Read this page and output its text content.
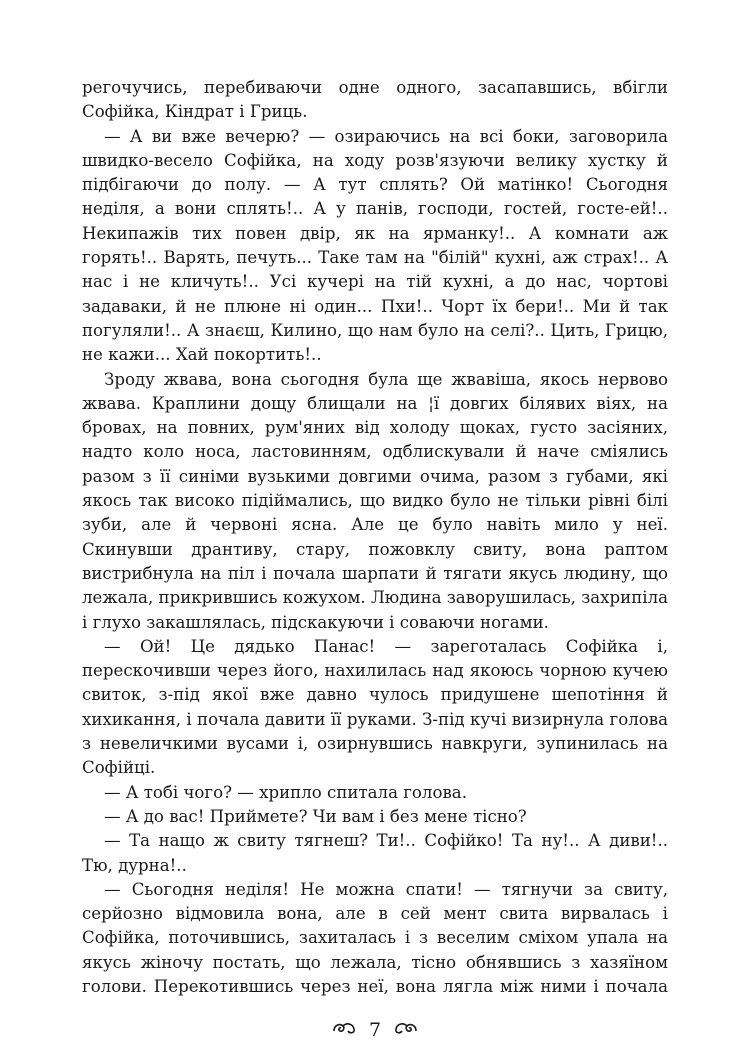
регочучись, перебиваючи одне одного, засапавшись, вбігли Софійка, Кіндрат і Гриць.

— А ви вже вечерю? — озираючись на всі боки, заговорила швидко-весело Софійка, на ходу розв'язуючи велику хустку й підбігаючи до полу. — А тут сплять? Ой матінко! Сьогодня неділя, а вони сплять!.. А у панів, господи, гостей, госте-ей!.. Некипажів тих повен двір, як на ярманку!.. А комнати аж горять!.. Варять, печуть... Таке там на "білій" кухні, аж страх!.. А нас і не кличуть!.. Усі кучері на тій кухні, а до нас, чортові задаваки, й не плюне ні один... Пхи!.. Чорт їх бери!.. Ми й так погуляли!.. А знаєш, Килино, що нам було на селі?.. Цить, Грицю, не кажи... Хай покортить!..

Зроду жвава, вона сьогодня була ще жвавіша, якось нервово жвава. Краплини дощу блищали на ¦ї довгих білявих віях, на бровах, на повних, рум'яних від холоду щоках, густо засіяних, надто коло носа, ластовинням, одблискували й наче сміялись разом з її синіми вузькими довгими очима, разом з губами, які якось так високо підіймались, що видко було не тільки рівні білі зуби, але й червоні ясна. Але це було навіть мило у неї. Скинувши дрантиву, стару, пожовклу свиту, вона раптом вистрибнула на піл і почала шарпати й тягати якусь людину, що лежала, прикрившись кожухом. Людина заворушилась, захрипіла і глухо закашлялась, підскакуючи і соваючи ногами.

— Ой! Це дядько Панас! — зареготалась Софійка і, перескочивши через його, нахилилась над якоюсь чорною кучею свиток, з-під якої вже давно чулось придушене шепотіння й хихикання, і почала давити її руками. З-під кучі визирнула голова з невеличкими вусами і, озирнувшись навкруги, зупинилась на Софійці.

— А тобі чого? — хрипло спитала голова.

— А до вас! Приймете? Чи вам і без мене тісно?

— Та нащо ж свиту тягнеш? Ти!.. Софійко! Та ну!.. А диви!.. Тю, дурна!..

— Сьогодня неділя! Не можна спати! — тягнучи за свиту, серйозно відмовила вона, але в сей мент свита вирвалась і Софійка, поточившись, захиталась і з веселим сміхом упала на якусь жіночу постать, що лежала, тісно обнявшись з хазяїном голови. Перекотившись через неї, вона лягла між ними і почала

7
